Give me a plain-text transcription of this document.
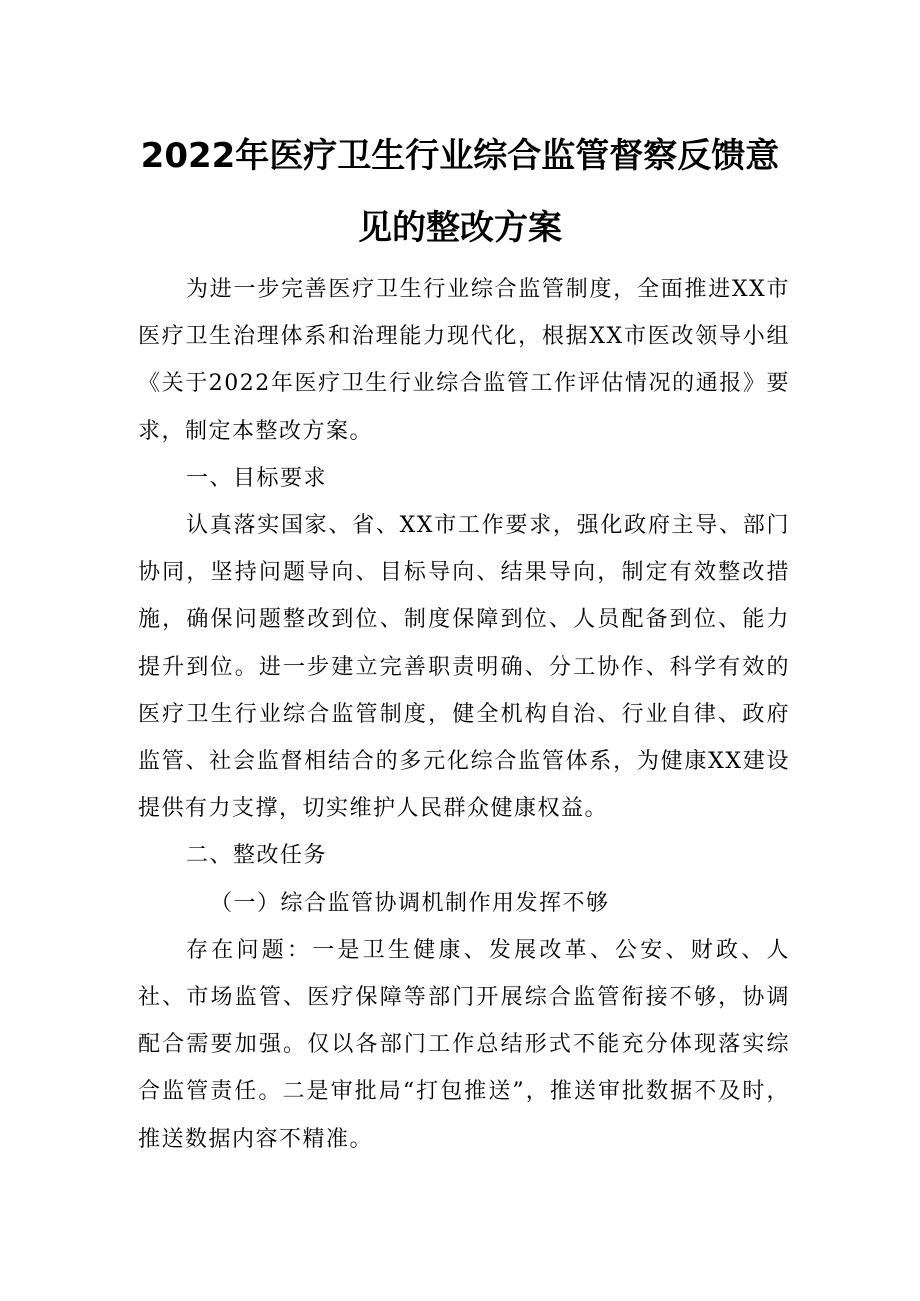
2022年医疗卫生行业综合监管督察反馈意
见的整改方案

为进一步完善医疗卫生行业综合监管制度，全面推进XX市医疗卫生治理体系和治理能力现代化，根据XX市医改领导小组《关于2022年医疗卫生行业综合监管工作评估情况的通报》要求，制定本整改方案。

一、目标要求

认真落实国家、省、XX市工作要求，强化政府主导、部门协同，坚持问题导向、目标导向、结果导向，制定有效整改措施，确保问题整改到位、制度保障到位、人员配备到位、能力提升到位。进一步建立完善职责明确、分工协作、科学有效的医疗卫生行业综合监管制度，健全机构自治、行业自律、政府监管、社会监督相结合的多元化综合监管体系，为健康XX建设提供有力支撑，切实维护人民群众健康权益。

二、整改任务

（一）综合监管协调机制作用发挥不够

存在问题：一是卫生健康、发展改革、公安、财政、人社、市场监管、医疗保障等部门开展综合监管衔接不够，协调配合需要加强。仅以各部门工作总结形式不能充分体现落实综合监管责任。二是审批局“打包推送”，推送审批数据不及时，推送数据内容不精准。
